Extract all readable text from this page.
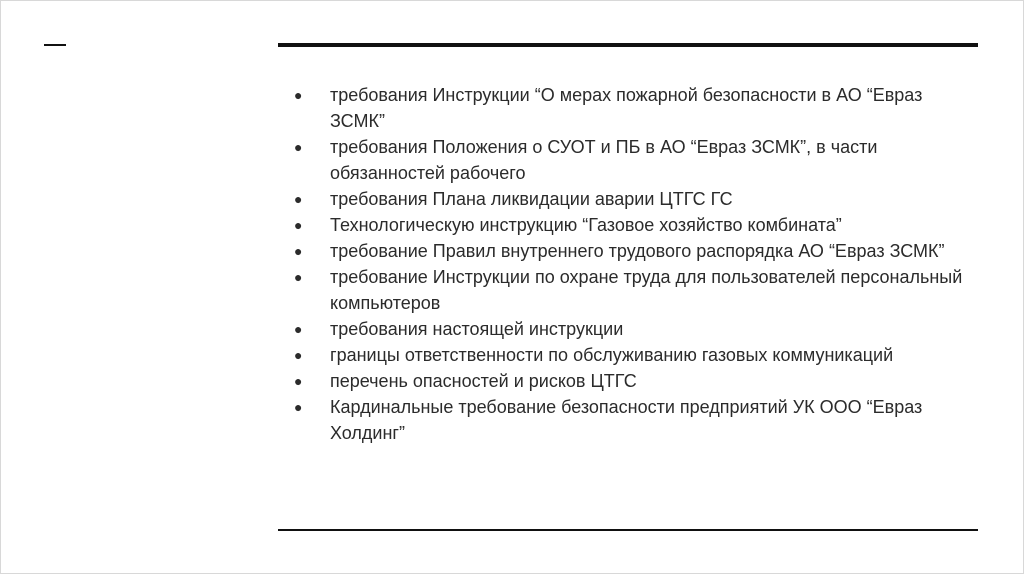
● требования Инструкции “О мерах пожарной безопасности в АО “Евраз ЗСМК”
● требования Положения о СУОТ и ПБ в АО “Евраз ЗСМК”, в части обязанностей рабочего
● требования Плана ликвидации аварии ЦТГС ГС
● Технологическую инструкцию “Газовое хозяйство комбината”
● требование Правил внутреннего трудового распорядка АО “Евраз ЗСМК”
● требование Инструкции по охране труда для пользователей персональный компьютеров
● требования настоящей инструкции
● границы ответственности по обслуживанию газовых коммуникаций
● перечень опасностей и рисков ЦТГС
● Кардинальные требование безопасности предприятий УК ООО “Евраз Холдинг”
